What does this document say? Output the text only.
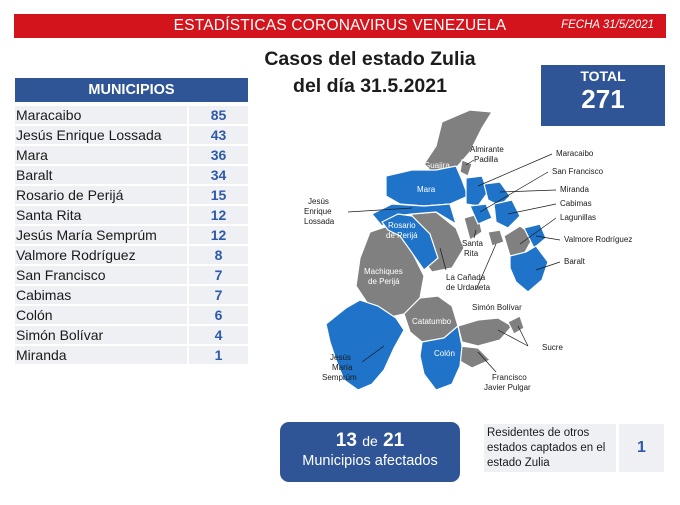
ESTADÍSTICAS CORONAVIRUS VENEZUELA	FECHA 31/5/2021
Casos del estado Zulia
del día 31.5.2021	TOTAL
271
MUNICIPIOS
Maracaibo	85
Jesús Enrique Lossada	43
Mara	36
Baralt	34
Rosario de Perijá	15
Santa Rita	12
Jesús María Semprúm	12
Valmore Rodríguez	8
San Francisco	7
Cabimas	7
Colón	6
Simón Bolívar	4
Miranda	1
Guajira
Almirante
Padilla
Mara
Maracaibo
San Francisco
Miranda
Cabimas
Lagunillas
Valmore Rodríguez
Baralt
Jesús
Enrique
Lossada	Rosario
de Perijá
Santa
Rita
Machiques
de Perijá	La Cañada
de Urdaneta
Simón Bolívar
Catatumbo
Sucre
Colón
Jesús
María
Semprúm	Francisco
Javier Pulgar
13 de 21
Municipios afectados
Residentes de otros estados captados en el estado Zulia
1
